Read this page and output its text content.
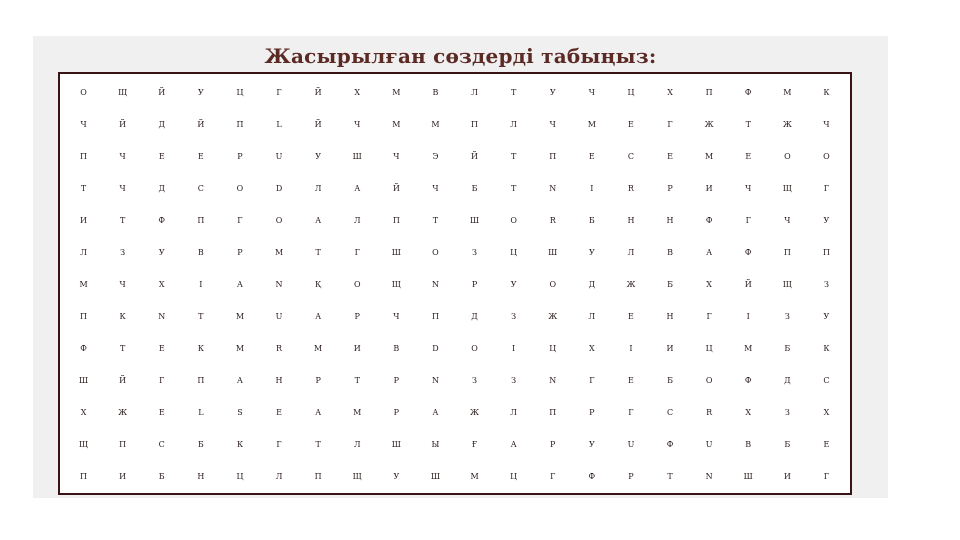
Жасырылған сөздерді табыңыз:
о	щ	й	у	ц	г	й	х	м	в	л	т	у	ч	ц	х	п	ф	м	к
ч	й	д	й	п	l	й	ч	м	м	п	л	ч	м	е	г	ж	т	ж	ч
п	ч	е	е	р	u	у	ш	ч	э	й	т	п	е	с	е	м	е	о	о
т	ч	д	с	о	d	л	а	й	ч	б	т	n	i	r	р	и	ч	щ	г
и	т	ф	п	г	о	а	л	п	т	ш	о	r	б	н	н	ф	г	ч	у
л	з	у	в	р	м	т	г	ш	о	з	ц	ш	у	л	в	а	ф	п	п
м	ч	х	i	а	n	қ	о	щ	n	р	у	о	д	ж	б	х	й	щ	з
п	к	n	т	м	u	а	р	ч	п	д	з	ж	л	е	н	г	i	з	у
ф	т	е	к	м	r	м	и	в	d	о	i	ц	х	i	и	ц	м	б	к
ш	й	г	п	а	н	р	т	р	n	з	з	n	г	е	б	о	ф	д	с
х	ж	е	l	s	е	а	м	р	а	ж	л	п	р	г	с	r	х	з	х
щ	п	с	б	к	г	т	л	ш	ы	ғ	а	р	у	u	ф	u	в	б	е
п	и	б	н	ц	л	п	щ	у	ш	м	ц	г	ф	р	т	n	ш	и	г
